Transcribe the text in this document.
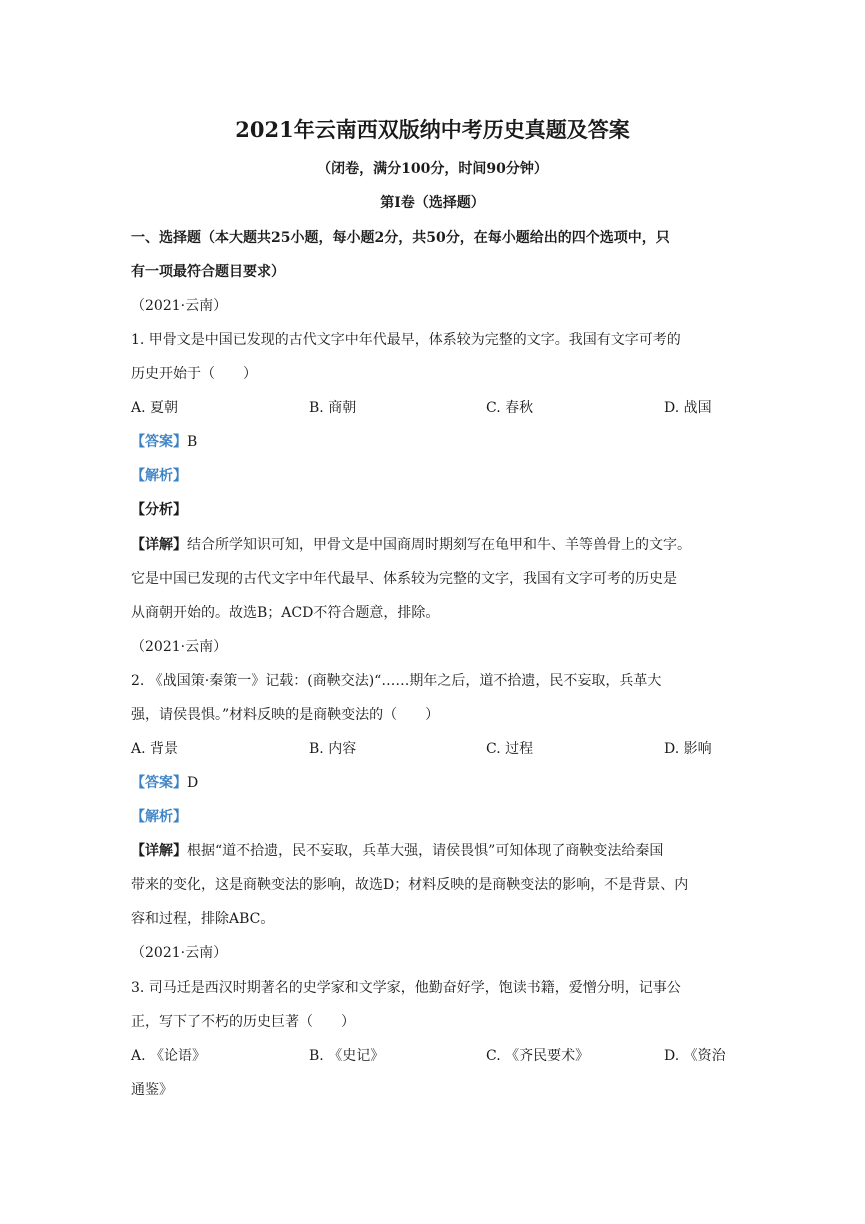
2021年云南西双版纳中考历史真题及答案
（闭卷，满分100分，时间90分钟）
第Ⅰ卷（选择题）
一、选择题（本大题共25小题，每小题2分，共50分，在每小题给出的四个选项中，只
有一项最符合题目要求）
（2021·云南）
1. 甲骨文是中国已发现的古代文字中年代最早，体系较为完整的文字。我国有文字可考的
历史开始于（　　）
A. 夏朝	B. 商朝	C. 春秋	D. 战国
【答案】B
【解析】
【分析】
【详解】结合所学知识可知，甲骨文是中国商周时期刻写在龟甲和牛、羊等兽骨上的文字。
它是中国已发现的古代文字中年代最早、体系较为完整的文字，我国有文字可考的历史是
从商朝开始的。故选B；ACD不符合题意，排除。
（2021·云南）
2. 《战国策·秦策一》记载：(商鞅交法)“……期年之后，道不拾遗，民不妄取，兵革大
强，请侯畏惧。”材料反映的是商鞅变法的（　　）
A. 背景	B. 内容	C. 过程	D. 影响
【答案】D
【解析】
【详解】根据“道不拾遗，民不妄取，兵革大强，请侯畏惧”可知体现了商鞅变法给秦国
带来的变化，这是商鞅变法的影响，故选D；材料反映的是商鞅变法的影响，不是背景、内
容和过程，排除ABC。
（2021·云南）
3. 司马迁是西汉时期著名的史学家和文学家，他勤奋好学，饱读书籍，爱憎分明，记事公
正，写下了不朽的历史巨著（　　）
A. 《论语》	B. 《史记》	C. 《齐民要术》	D. 《资治
通鉴》
